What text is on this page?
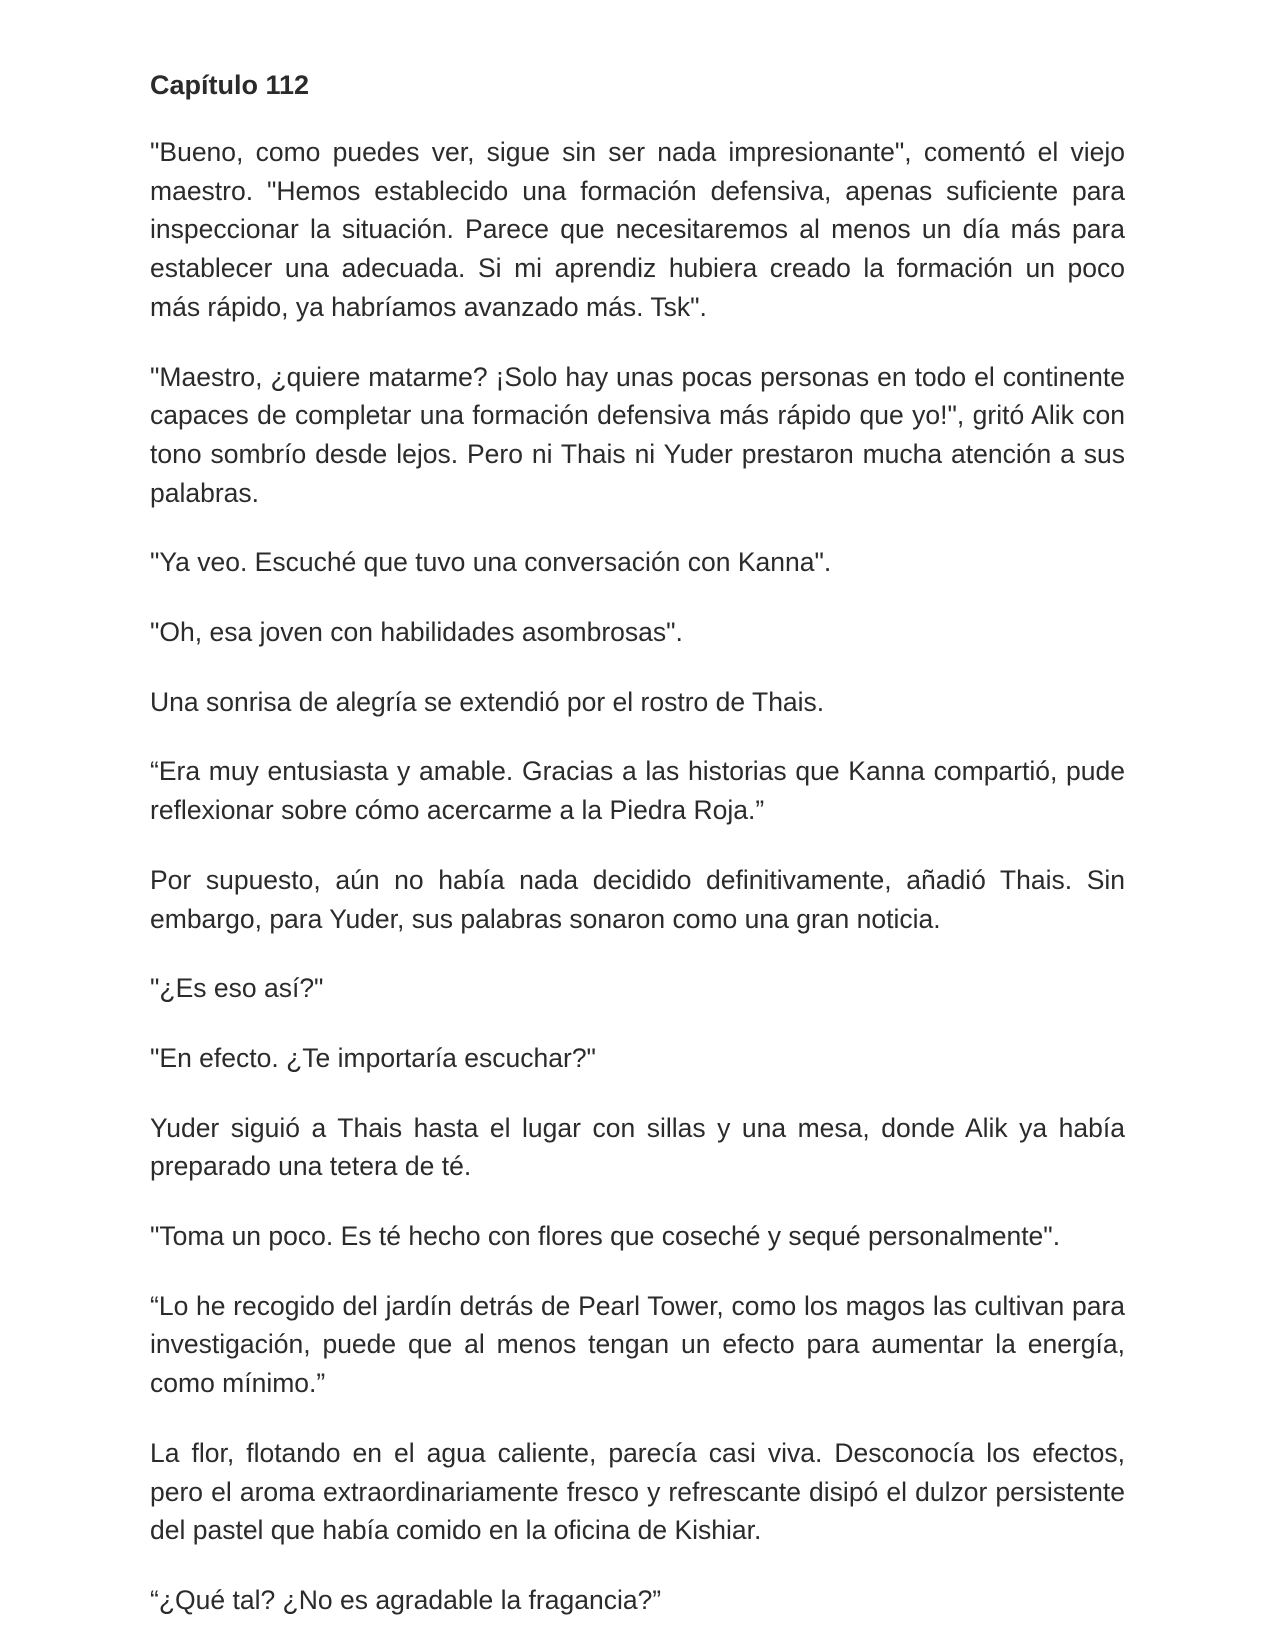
Capítulo 112

"Bueno, como puedes ver, sigue sin ser nada impresionante", comentó el viejo maestro. "Hemos establecido una formación defensiva, apenas suficiente para inspeccionar la situación. Parece que necesitaremos al menos un día más para establecer una adecuada. Si mi aprendiz hubiera creado la formación un poco más rápido, ya habríamos avanzado más. Tsk".

"Maestro, ¿quiere matarme? ¡Solo hay unas pocas personas en todo el continente capaces de completar una formación defensiva más rápido que yo!", gritó Alik con tono sombrío desde lejos. Pero ni Thais ni Yuder prestaron mucha atención a sus palabras.

"Ya veo. Escuché que tuvo una conversación con Kanna".

"Oh, esa joven con habilidades asombrosas".

Una sonrisa de alegría se extendió por el rostro de Thais.

“Era muy entusiasta y amable. Gracias a las historias que Kanna compartió, pude reflexionar sobre cómo acercarme a la Piedra Roja.”

Por supuesto, aún no había nada decidido definitivamente, añadió Thais. Sin embargo, para Yuder, sus palabras sonaron como una gran noticia.

"¿Es eso así?"

"En efecto. ¿Te importaría escuchar?"

Yuder siguió a Thais hasta el lugar con sillas y una mesa, donde Alik ya había preparado una tetera de té.

"Toma un poco. Es té hecho con flores que coseché y sequé personalmente".

“Lo he recogido del jardín detrás de Pearl Tower, como los magos las cultivan para investigación, puede que al menos tengan un efecto para aumentar la energía, como mínimo.”

La flor, flotando en el agua caliente, parecía casi viva. Desconocía los efectos, pero el aroma extraordinariamente fresco y refrescante disipó el dulzor persistente del pastel que había comido en la oficina de Kishiar.

“¿Qué tal? ¿No es agradable la fragancia?”
